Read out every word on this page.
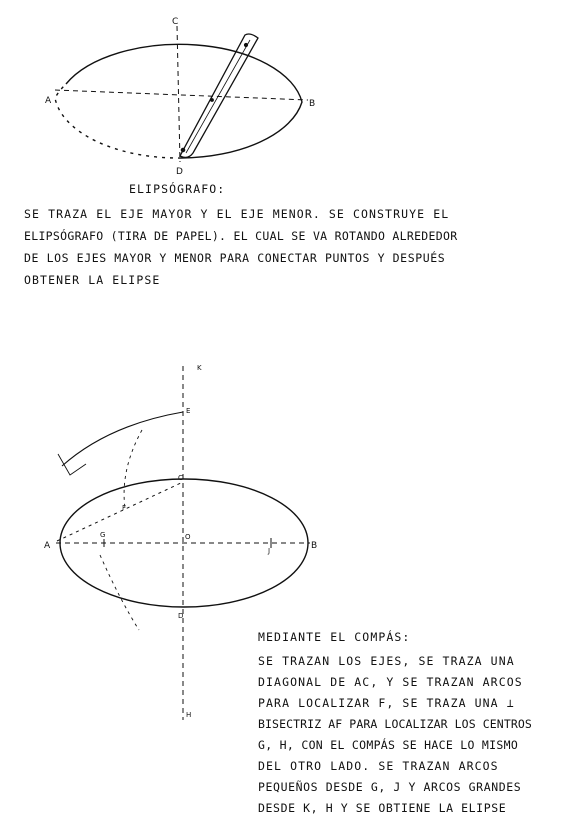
C
D
A	B
K
E
F
C
G	O
J
D
H
A	B
ELIPSÓGRAFO:
SE TRAZA EL EJE MAYOR Y EL EJE MENOR. SE CONSTRUYE EL
ELIPSÓGRAFO (TIRA DE PAPEL). EL CUAL SE VA ROTANDO ALREDEDOR
DE LOS EJES MAYOR Y MENOR PARA CONECTAR PUNTOS Y DESPUÉS
OBTENER LA ELIPSE
MEDIANTE EL COMPÁS:
SE TRAZAN LOS EJES, SE TRAZA UNA
DIAGONAL DE AC, Y SE TRAZAN ARCOS
PARA LOCALIZAR F, SE TRAZA UNA ⊥
BISECTRIZ AF PARA LOCALIZAR LOS CENTROS
G, H, CON EL COMPÁS SE HACE LO MISMO
DEL OTRO LADO. SE TRAZAN ARCOS
PEQUEÑOS DESDE G, J Y ARCOS GRANDES
DESDE K, H Y SE OBTIENE LA ELIPSE
